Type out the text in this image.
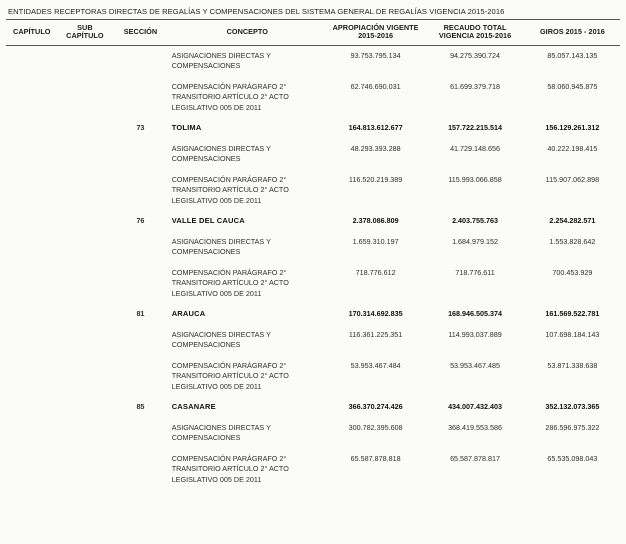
ENTIDADES RECEPTORAS DIRECTAS DE REGALÍAS Y COMPENSACIONES DEL SISTEMA GENERAL DE REGALÍAS VIGENCIA 2015-2016
CAPÍTULO	SUB CAPÍTULO	SECCIÓN	CONCEPTO	APROPIACIÓN VIGENTE 2015-2016	RECAUDO TOTAL VIGENCIA 2015-2016	GIROS 2015 - 2016
			ASIGNACIONES DIRECTAS Y COMPENSACIONES	93.753.795.134	94.275.390.724	85.057.143.135
			COMPENSACIÓN PARÁGRAFO 2° TRANSITORIO ARTÍCULO 2° ACTO LEGISLATIVO 005 DE 2011	62.746.690.031	61.699.379.718	58.060.945.875
		73	TOLIMA	164.813.612.677	157.722.215.514	156.129.261.312
			ASIGNACIONES DIRECTAS Y COMPENSACIONES	48.293.393.288	41.729.148.656	40.222.198.415
			COMPENSACIÓN PARÁGRAFO 2° TRANSITORIO ARTÍCULO 2° ACTO LEGISLATIVO 005 DE 2011	116.520.219.389	115.993.066.858	115.907.062.898
		76	VALLE DEL CAUCA	2.378.086.809	2.403.755.763	2.254.282.571
			ASIGNACIONES DIRECTAS Y COMPENSACIONES	1.659.310.197	1.684.979.152	1.553.828.642
			COMPENSACIÓN PARÁGRAFO 2° TRANSITORIO ARTÍCULO 2° ACTO LEGISLATIVO 005 DE 2011	718.776.612	718.776.611	700.453.929
		81	ARAUCA	170.314.692.835	168.946.505.374	161.569.522.781
			ASIGNACIONES DIRECTAS Y COMPENSACIONES	116.361.225.351	114.993.037.889	107.698.184.143
			COMPENSACIÓN PARÁGRAFO 2° TRANSITORIO ARTÍCULO 2° ACTO LEGISLATIVO 005 DE 2011	53.953.467.484	53.953.467.485	53.871.338.638
		85	CASANARE	366.370.274.426	434.007.432.403	352.132.073.365
			ASIGNACIONES DIRECTAS Y COMPENSACIONES	300.782.395.608	368.419.553.586	286.596.975.322
			COMPENSACIÓN PARÁGRAFO 2° TRANSITORIO ARTÍCULO 2° ACTO LEGISLATIVO 005 DE 2011	65.587.878.818	65.587.878.817	65.535.098.043
